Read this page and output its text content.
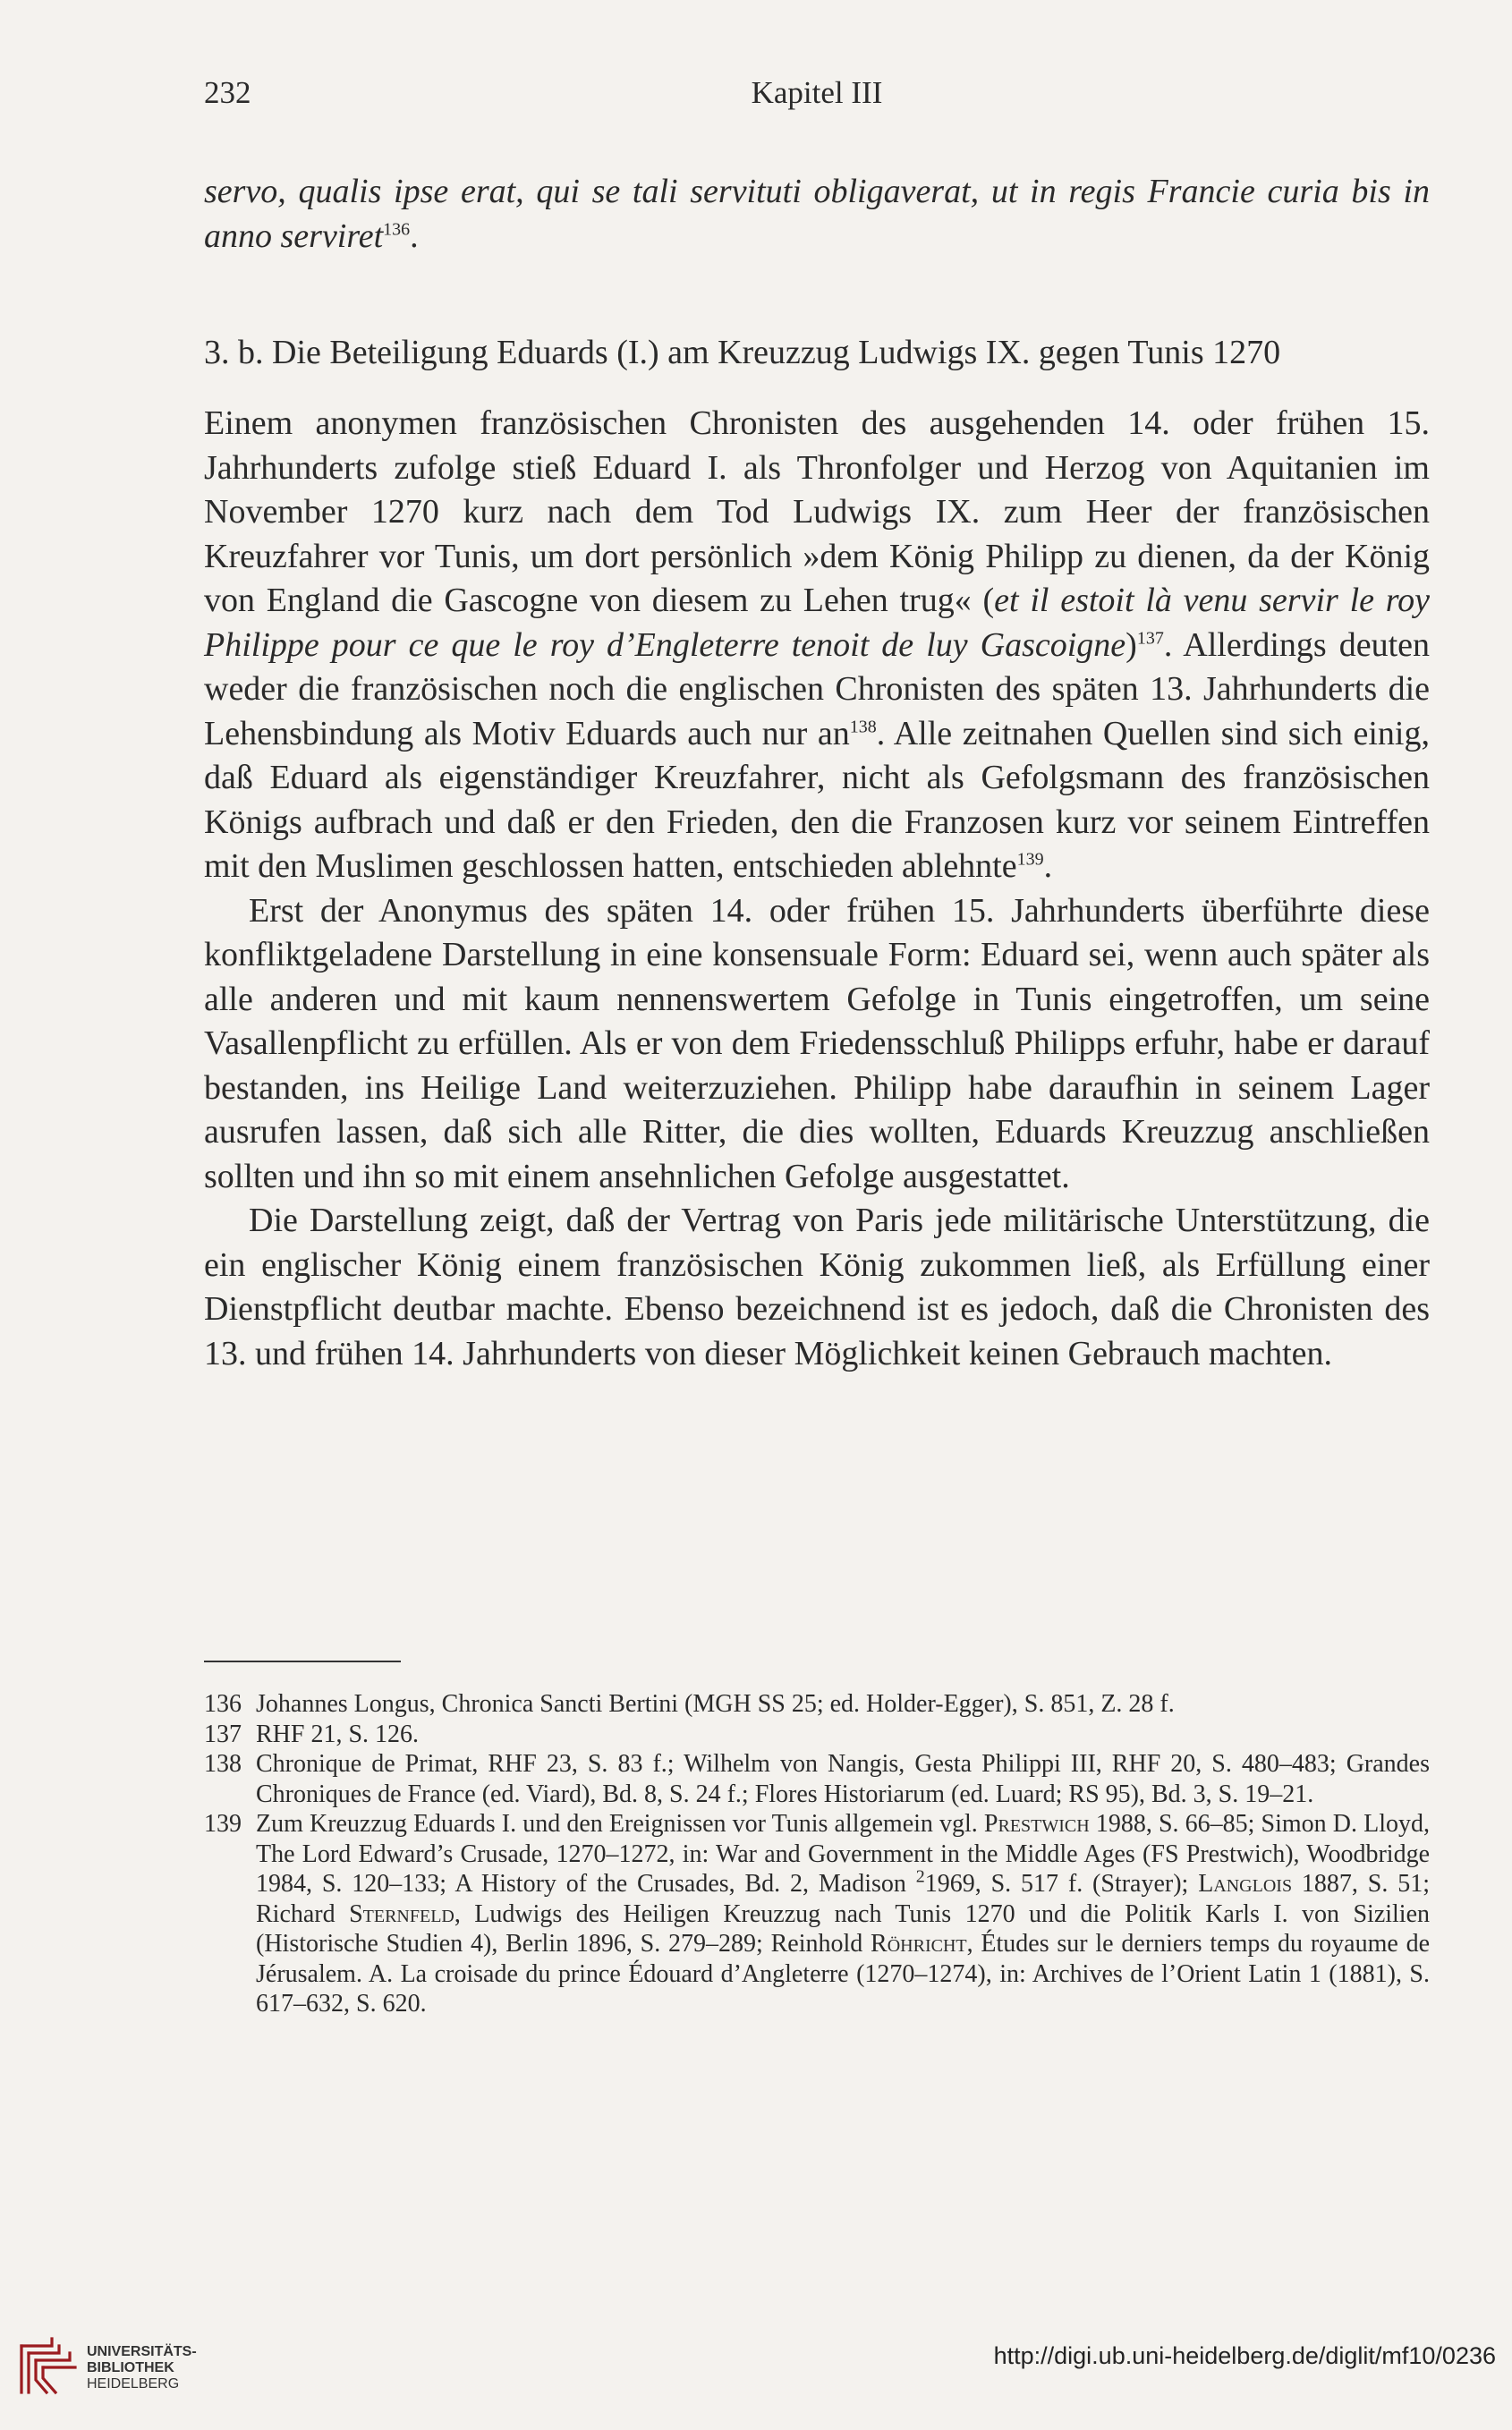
232	Kapitel III

servo, qualis ipse erat, qui se tali servituti obligaverat, ut in regis Francie curia bis in anno serviret$^{136}$.

3. b. Die Beteiligung Eduards (I.) am Kreuzzug Ludwigs IX. gegen Tunis 1270

Einem anonymen französischen Chronisten des ausgehenden 14. oder frühen 15. Jahrhunderts zufolge stieß Eduard I. als Thronfolger und Herzog von Aquitanien im November 1270 kurz nach dem Tod Ludwigs IX. zum Heer der französischen Kreuzfahrer vor Tunis, um dort persönlich »dem König Philipp zu dienen, da der König von England die Gascogne von diesem zu Lehen trug« (et il estoit là venu servir le roy Philippe pour ce que le roy d’Engleterre tenoit de luy Gascoigne)$^{137}$. Allerdings deuten weder die französischen noch die englischen Chronisten des späten 13. Jahrhunderts die Lehensbindung als Motiv Eduards auch nur $an^{138}$. Alle zeitnahen Quellen sind sich einig, daß Eduard als eigenständiger Kreuzfahrer, nicht als Gefolgsmann des französischen Königs aufbrach und daß er den Frieden, den die Franzosen kurz vor seinem Eintreffen mit den Muslimen geschlossen hatten, entschieden ablehnte$^{139}$.

Erst der Anonymus des späten 14. oder frühen 15. Jahrhunderts überführte diese konfliktgeladene Darstellung in eine konsensuale Form: Eduard sei, wenn auch später als alle anderen und mit kaum nennenswertem Gefolge in Tunis eingetroffen, um seine Vasallenpflicht zu erfüllen. Als er von dem Friedensschluß Philipps erfuhr, habe er darauf bestanden, ins Heilige Land weiterzuziehen. Philipp habe daraufhin in seinem Lager ausrufen lassen, daß sich alle Ritter, die dies wollten, Eduards Kreuzzug anschließen sollten und ihn so mit einem ansehnlichen Gefolge ausgestattet.

Die Darstellung zeigt, daß der Vertrag von Paris jede militärische Unterstützung, die ein englischer König einem französischen König zukommen ließ, als Erfüllung einer Dienstpflicht deutbar machte. Ebenso bezeichnend ist es jedoch, daß die Chronisten des 13. und frühen 14. Jahrhunderts von dieser Möglichkeit keinen Gebrauch machten.

136 Johannes Longus, Chronica Sancti Bertini (MGH SS 25; ed. Holder-Egger), S. 851, Z. 28 f.
137 RHF 21, S. 126.
138 Chronique de Primat, RHF 23, S. 83 f.; Wilhelm von Nangis, Gesta Philippi III, RHF 20, S. 480–483; Grandes Chroniques de France (ed. Viard), Bd. 8, S. 24 f.; Flores Historiarum (ed. Luard; RS 95), Bd. 3, S. 19–21.
139 Zum Kreuzzug Eduards I. und den Ereignissen vor Tunis allgemein vgl. Prestwich 1988, S. 66–85; Simon D. Lloyd, The Lord Edward’s Crusade, 1270–1272, in: War and Government in the Middle Ages (FS Prestwich), Woodbridge 1984, S. 120–133; A History of the Crusades, Bd. 2, Madison $^2$1969, S. 517 f. (Strayer); Langlois 1887, S. 51; Richard Sternfeld, Ludwigs des Heiligen Kreuzzug nach Tunis 1270 und die Politik Karls I. von Sizilien (Historische Studien 4), Berlin 1896, S. 279–289; Reinhold Röhricht, Études sur le derniers temps du royaume de Jérusalem. A. La croisade du prince Édouard d’Angleterre (1270–1274), in: Archives de l’Orient Latin 1 (1881), S. 617–632, S. 620.
UNIVERSITÄTS-
BIBLIOTHEK
HEIDELBERG
http://digi.ub.uni-heidelberg.de/diglit/mf10/0236
